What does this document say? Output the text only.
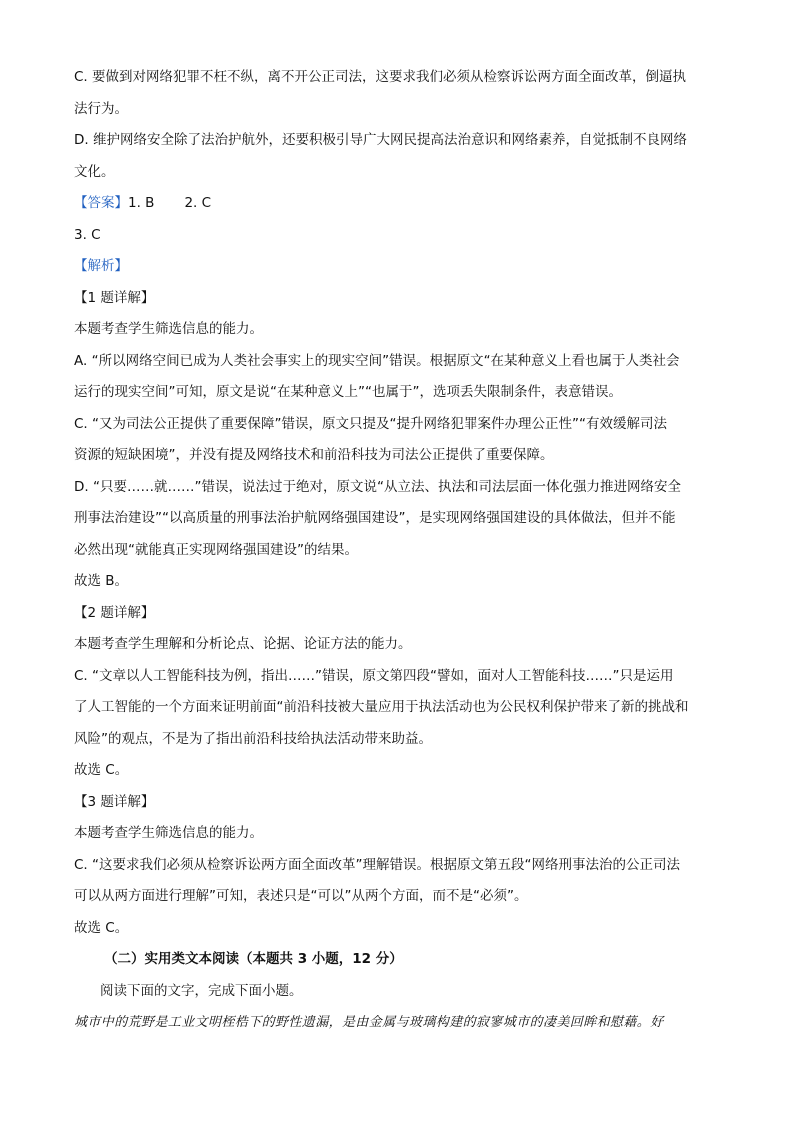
C. 要做到对网络犯罪不枉不纵，离不开公正司法，这要求我们必须从检察诉讼两方面全面改革，倒逼执

法行为。

D. 维护网络安全除了法治护航外，还要积极引导广大网民提高法治意识和网络素养，自觉抵制不良网络

文化。

【答案】1. B 2. C

3. C

【解析】

【1 题详解】

本题考查学生筛选信息的能力。

A. “所以网络空间已成为人类社会事实上的现实空间”错误。根据原文“在某种意义上看也属于人类社会

运行的现实空间”可知，原文是说“在某种意义上”“也属于”，选项丢失限制条件，表意错误。

C. “又为司法公正提供了重要保障”错误，原文只提及“提升网络犯罪案件办理公正性”“有效缓解司法

资源的短缺困境”，并没有提及网络技术和前沿科技为司法公正提供了重要保障。

D. “只要……就……”错误，说法过于绝对，原文说“从立法、执法和司法层面一体化强力推进网络安全

刑事法治建设”“以高质量的刑事法治护航网络强国建设”，是实现网络强国建设的具体做法，但并不能

必然出现“就能真正实现网络强国建设”的结果。

故选 B。

【2 题详解】

本题考查学生理解和分析论点、论据、论证方法的能力。

C. “文章以人工智能科技为例，指出……”错误，原文第四段“譬如，面对人工智能科技……”只是运用

了人工智能的一个方面来证明前面“前沿科技被大量应用于执法活动也为公民权利保护带来了新的挑战和

风险”的观点，不是为了指出前沿科技给执法活动带来助益。

故选 C。

【3 题详解】

本题考查学生筛选信息的能力。

C. “这要求我们必须从检察诉讼两方面全面改革”理解错误。根据原文第五段“网络刑事法治的公正司法

可以从两方面进行理解”可知，表述只是“可以”从两个方面，而不是“必须”。

故选 C。

（二）实用类文本阅读（本题共 3 小题，12 分）

阅读下面的文字，完成下面小题。

城市中的荒野是工业文明桎梏下的野性遗漏，是由金属与玻璃构建的寂寥城市的凄美回眸和慰藉。好
